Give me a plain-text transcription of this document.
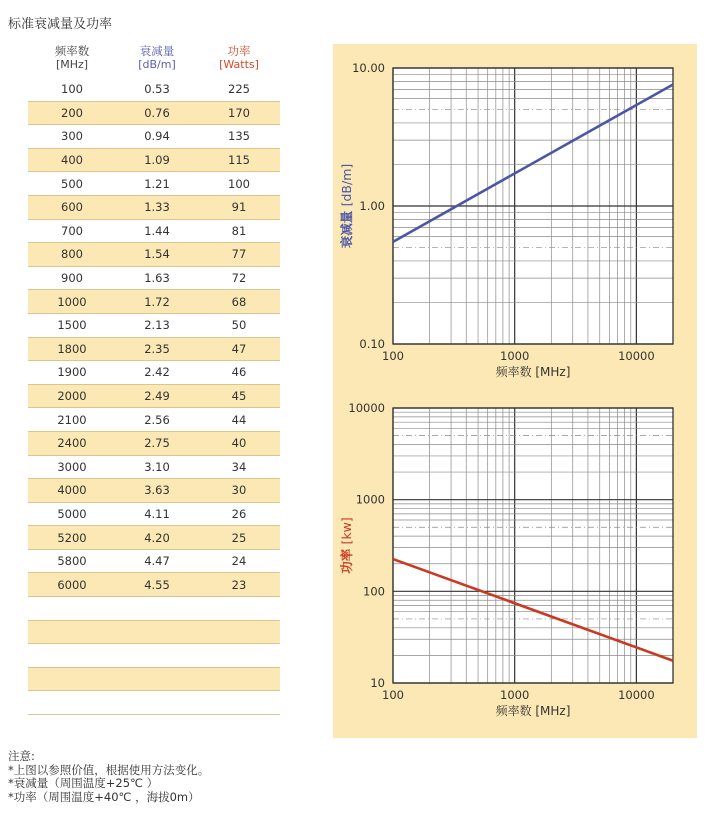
标准衰减量及功率
频率数
[MHz]
衰减量
[dB/m]
功率
[Watts]
100	0.53	225
200	0.76	170
300	0.94	135
400	1.09	115
500	1.21	100
600	1.33	91
700	1.44	81
800	1.54	77
900	1.63	72
1000	1.72	68
1500	2.13	50
1800	2.35	47
1900	2.42	46
2000	2.49	45
2100	2.56	44
2400	2.75	40
3000	3.10	34
4000	3.63	30
5000	4.11	26
5200	4.20	25
5800	4.47	24
6000	4.55	23
100	1000	10000
10.00
1.00
0.10
频率数 [MHz]
衰减量 [dB/m]
100	1000	10000
10000
1000
100
10
频率数 [MHz]
功率 [kw]
注意:
*上图以参照价值，根据使用方法变化。
*衰减量（周围温度+25℃ ）
*功率（周围温度+40℃ ，海拔0m）
